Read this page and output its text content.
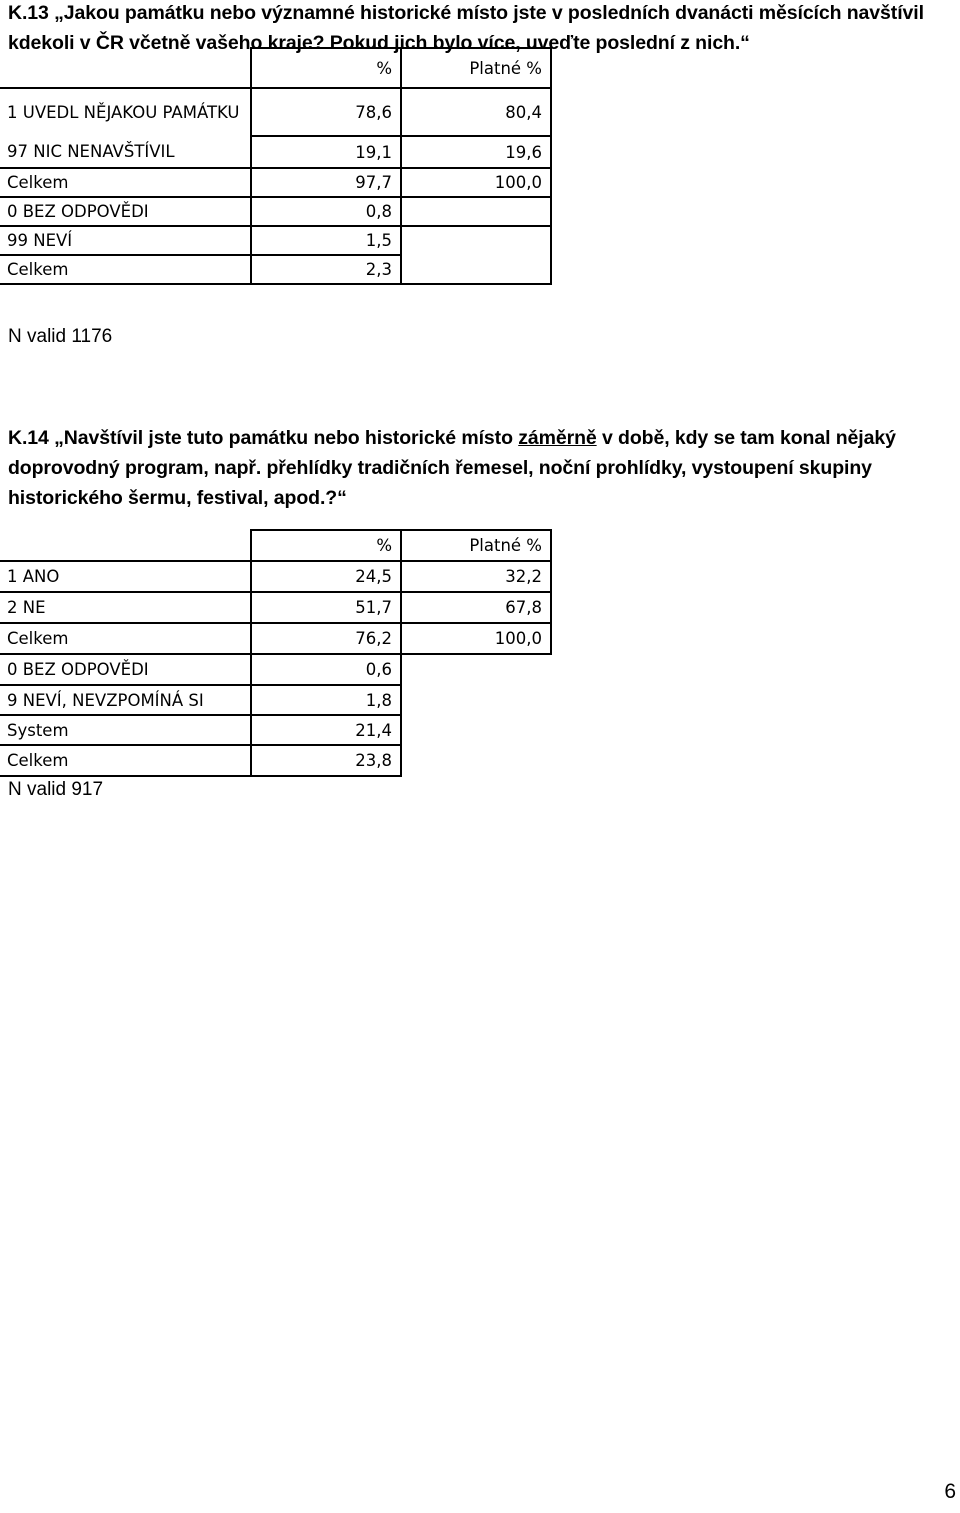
K.13 „Jakou památku nebo významné historické místo jste v posledních dvanácti měsících navštívil kdekoli v ČR včetně vašeho kraje? Pokud jich bylo více, uveďte poslední z nich.“

	%	Platné %
1 UVEDL NĚJAKOU PAMÁTKU	78,6	80,4
97 NIC NENAVŠTÍVIL	19,1	19,6
Celkem	97,7	100,0
0 BEZ ODPOVĚDI	0,8	
99 NEVÍ	1,5	
Celkem	2,3	
N valid 1176

K.14 „Navštívil jste tuto památku nebo historické místo záměrně v době, kdy se tam konal nějaký doprovodný program, např. přehlídky tradičních řemesel, noční prohlídky, vystoupení skupiny historického šermu, festival, apod.?“

	%	Platné %
1 ANO	24,5	32,2
2 NE	51,7	67,8
Celkem	76,2	100,0
0 BEZ ODPOVĚDI	0,6	
9 NEVÍ, NEVZPOMÍNÁ SI	1,8	
System	21,4	
Celkem	23,8	
N valid 917
6
